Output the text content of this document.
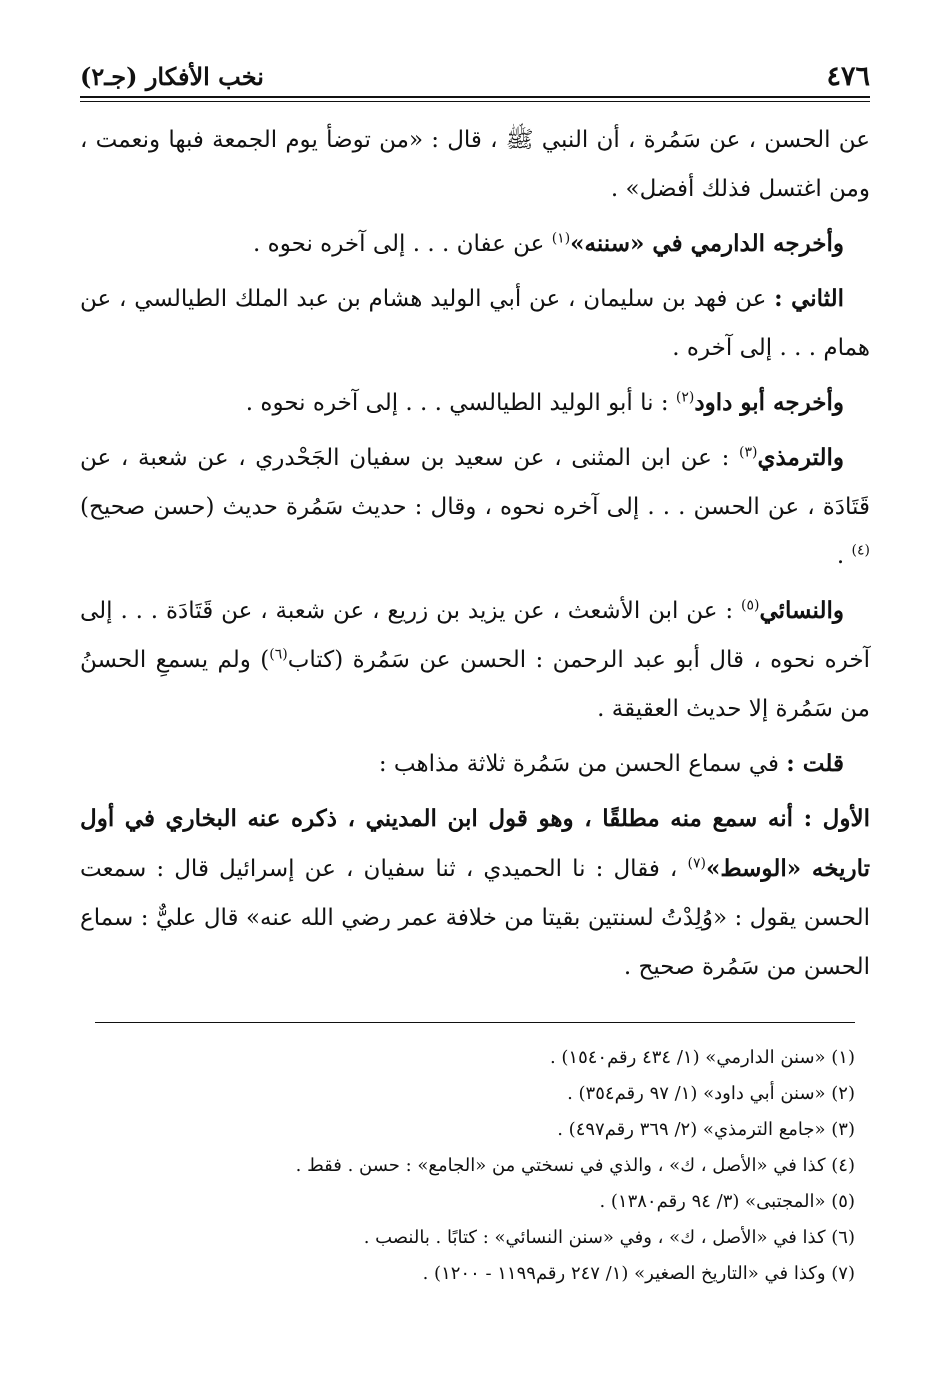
٤٧٦
نخب الأفكار (جـ٢)

عن الحسن ، عن سَمُرة ، أن النبي ﷺ ، قال : «من توضأ يوم الجمعة فبها ونعمت ، ومن اغتسل فذلك أفضل» .

وأخرجه الدارمي في «سننه»$^{(١)}$ عن عفان . . . إلى آخره نحوه .

الثاني : عن فهد بن سليمان ، عن أبي الوليد هشام بن عبد الملك الطيالسي ، عن همام . . . إلى آخره .

وأخرجه أبو داود$^{(٢)}$ : نا أبو الوليد الطيالسي . . . إلى آخره نحوه .

والترمذي$^{(٣)}$ : عن ابن المثنى ، عن سعيد بن سفيان الجَحْدري ، عن شعبة ، عن قَتَادَة ، عن الحسن . . . إلى آخره نحوه ، وقال : حديث سَمُرة حديث (حسن صحيح)$^{(٤)}$ .

والنسائي$^{(٥)}$ : عن ابن الأشعث ، عن يزيد بن زريع ، عن شعبة ، عن قَتَادَة . . . إلى آخره نحوه ، قال أبو عبد الرحمن : الحسن عن سَمُرة (كتاب$^{(٦)}$) ولم يسمعِ الحسنُ من سَمُرة إلا حديث العقيقة .

قلت : في سماع الحسن من سَمُرة ثلاثة مذاهب :

الأول : أنه سمع منه مطلقًا ، وهو قول ابن المديني ، ذكره عنه البخاري في أول تاريخه «الوسط»$^{(٧)}$ ، فقال : نا الحميدي ، ثنا سفيان ، عن إسرائيل قال : سمعت الحسن يقول : «وُلِدْتُ لسنتين بقيتا من خلافة عمر رضي الله عنه» قال عليٌّ : سماع الحسن من سَمُرة صحيح .

(١) «سنن الدارمي» (١/ ٤٣٤ رقم١٥٤٠) .
(٢) «سنن أبي داود» (١/ ٩٧ رقم٣٥٤) .
(٣) «جامع الترمذي» (٢/ ٣٦٩ رقم٤٩٧) .
(٤) كذا في «الأصل ، ك» ، والذي في نسختي من «الجامع» : حسن . فقط .
(٥) «المجتبى» (٣/ ٩٤ رقم١٣٨٠) .
(٦) كذا في «الأصل ، ك» ، وفي «سنن النسائي» : كتابًا . بالنصب .
(٧) وكذا في «التاريخ الصغير» (١/ ٢٤٧ رقم١١٩٩ - ١٢٠٠) .
